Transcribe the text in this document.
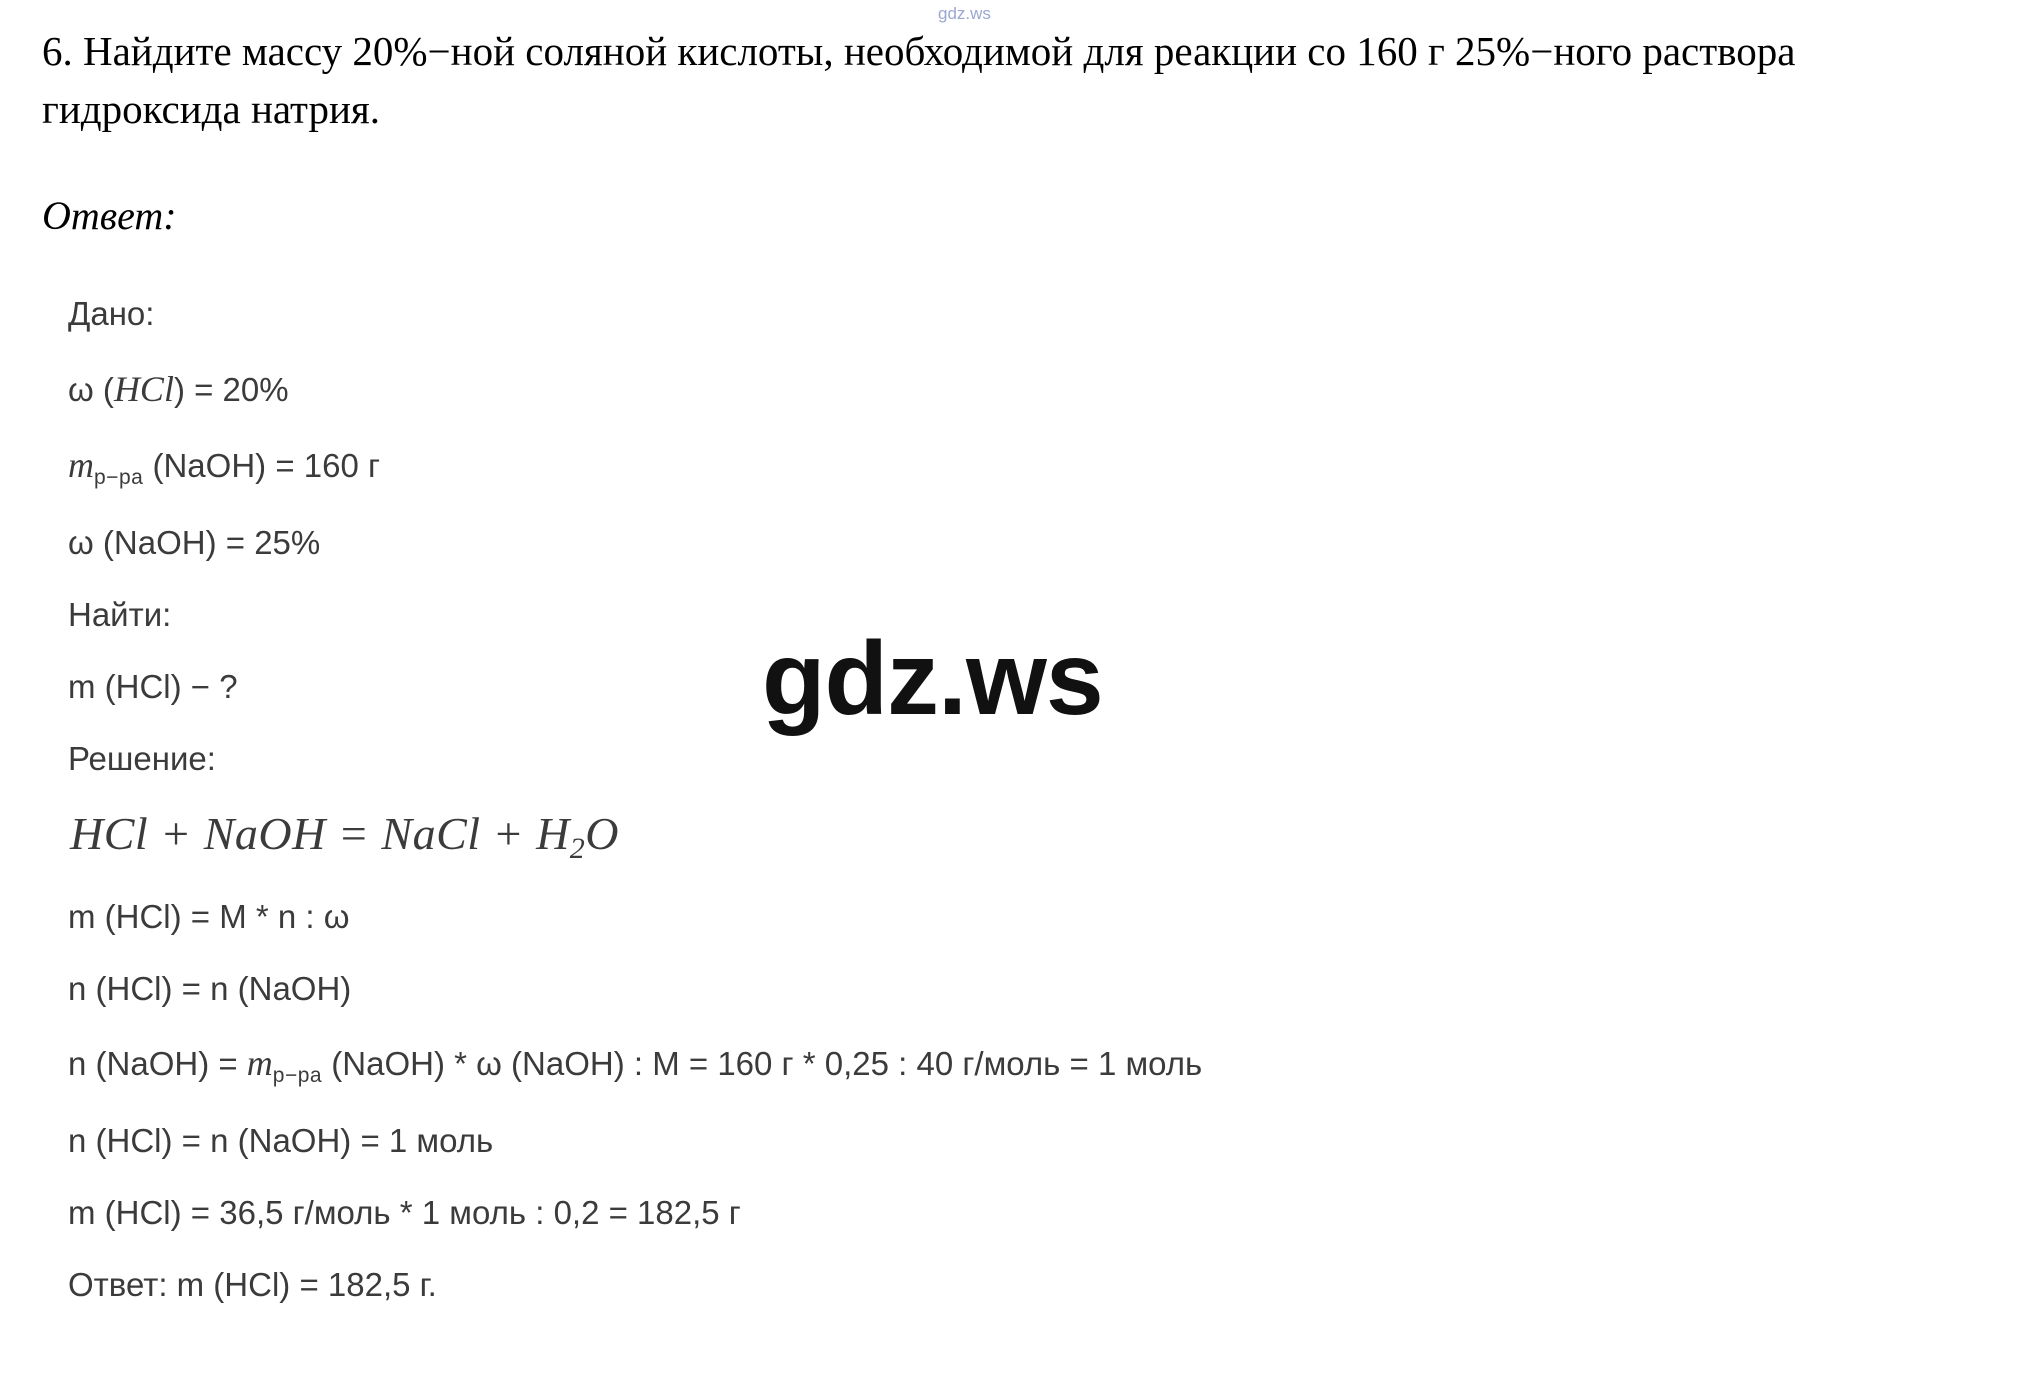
gdz.ws

6. Найдите массу 20%−ной соляной кислоты, необходимой для реакции со 160 г 25%−ного раствора гидроксида натрия.

Ответ:

Дано:

ω (HCl) = 20%

$m_{р-ра}$ (NaOH) = 160 г

ω (NaOH) = 25%

Найти:

m (HCl) − ?

Решение:

HCl + NaOH = NaCl + H2O

m (HCl) = M * n : ω

n (HCl) = n (NaOH)

n (NaOH) = $m_{р-ра}$ (NaOH) * ω (NaOH) : M = 160 г * 0,25 : 40 г/моль = 1 моль

n (HCl) = n (NaOH) = 1 моль

m (HCl) = 36,5 г/моль * 1 моль : 0,2 = 182,5 г

Ответ: m (HCl) = 182,5 г.

gdz.ws
